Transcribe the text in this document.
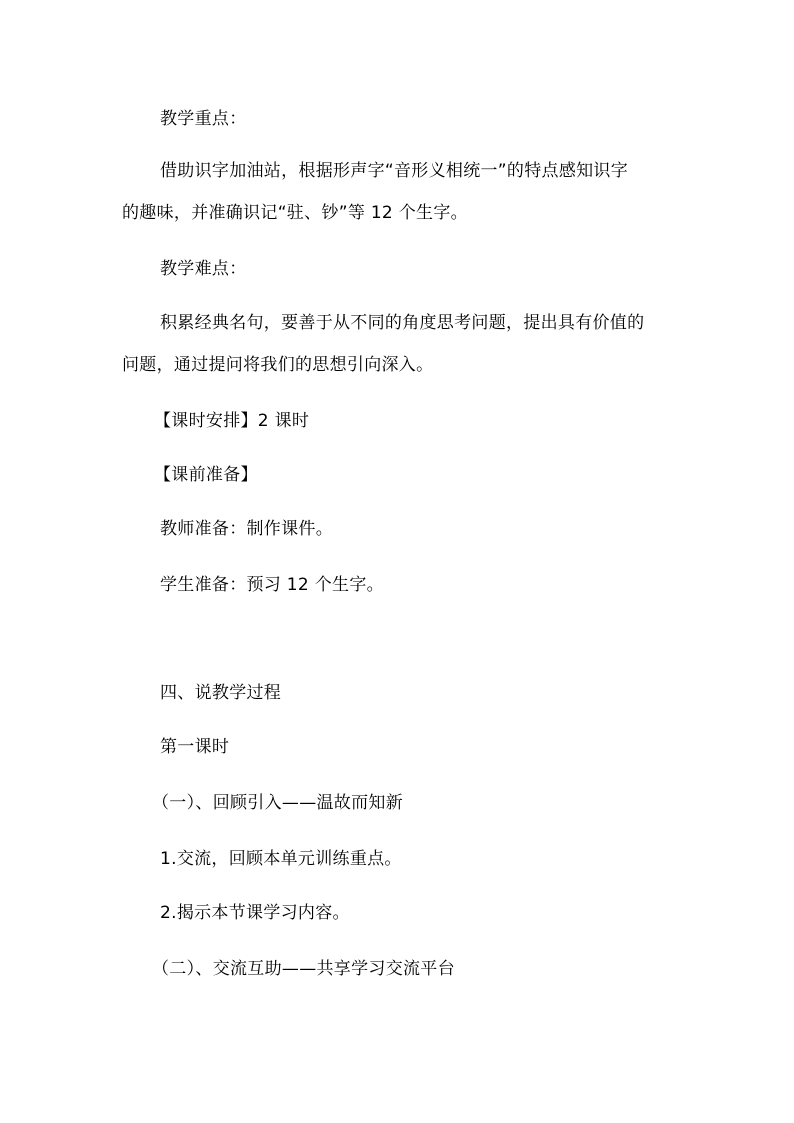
教学重点：
借助识字加油站，根据形声字“音形义相统一”的特点感知识字
的趣味，并准确识记“驻、钞”等 12 个生字。
教学难点：
积累经典名句，要善于从不同的角度思考问题，提出具有价值的
问题，通过提问将我们的思想引向深入。
【课时安排】2 课时
【课前准备】
教师准备：制作课件。
学生准备：预习 12 个生字。
四、说教学过程
第一课时
（一）、回顾引入——温故而知新
1.交流，回顾本单元训练重点。
2.揭示本节课学习内容。
（二）、交流互助——共享学习交流平台
